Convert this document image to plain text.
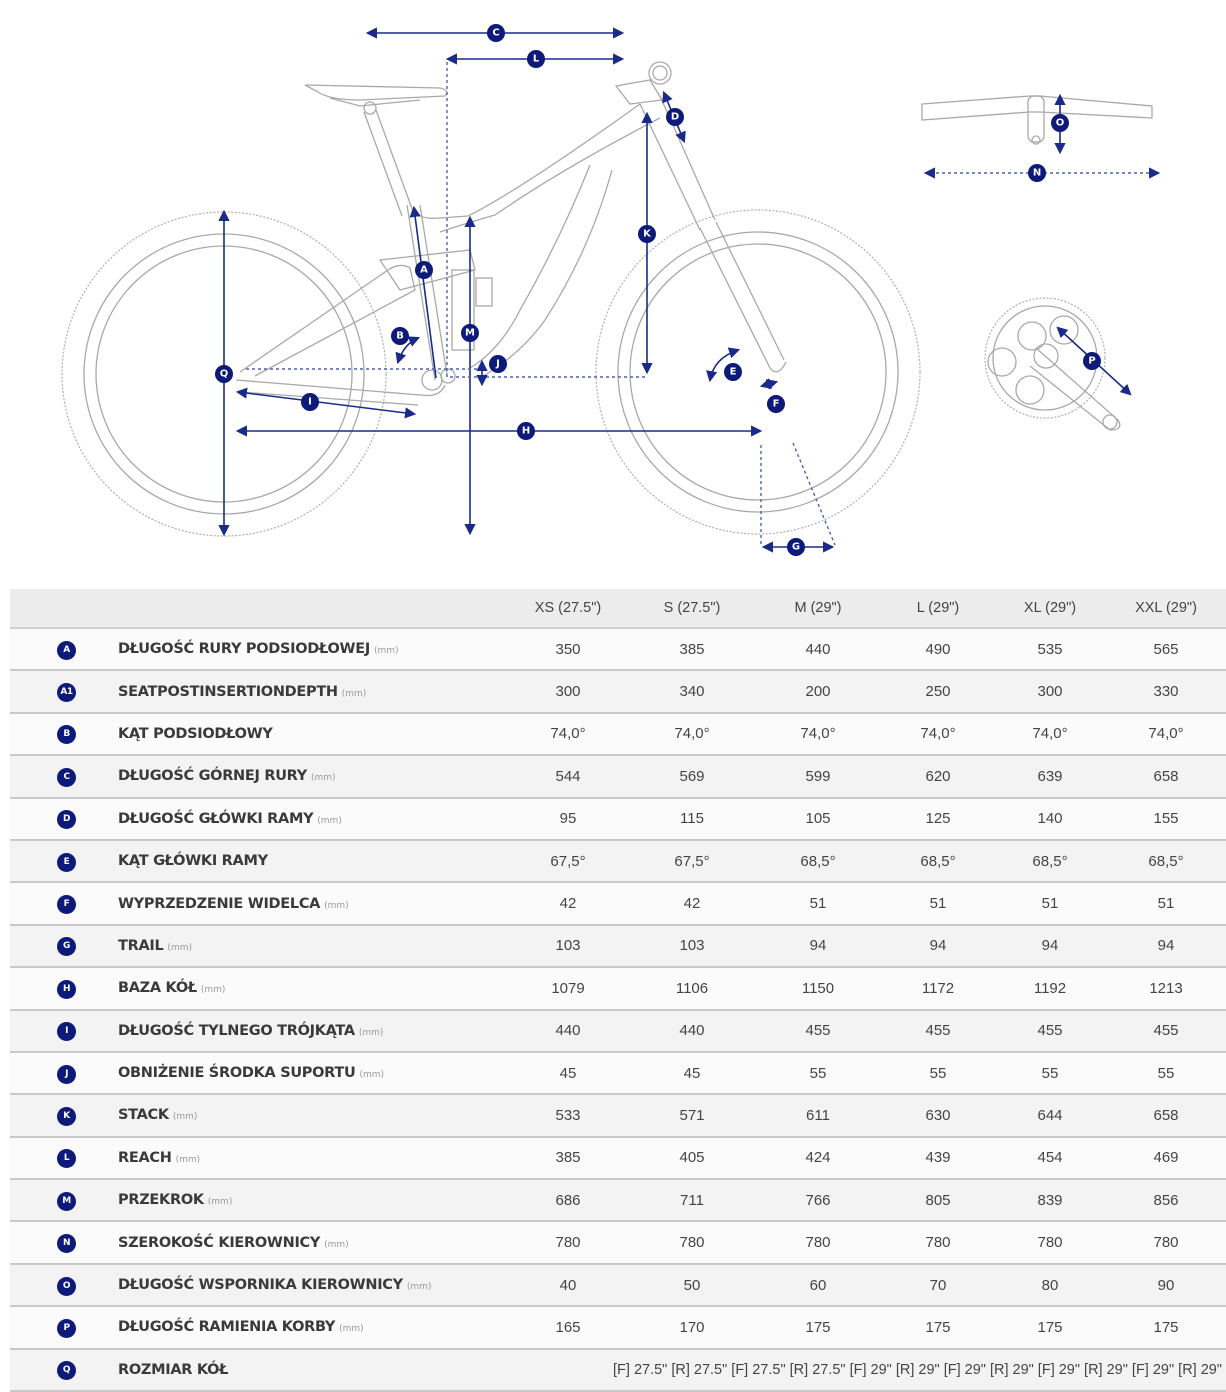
C
L
D
K
A
B	M
J
Q
I
H
E
F
G
O
N
P
		XS (27.5")	S (27.5")	M (29")	L (29")	XL (29")	XXL (29")
A	DŁUGOŚĆ RURY PODSIODŁOWEJ (mm)	350	385	440	490	535	565
A1	SEATPOSTINSERTIONDEPTH (mm)	300	340	200	250	300	330
B	KĄT PODSIODŁOWY	74,0°	74,0°	74,0°	74,0°	74,0°	74,0°
C	DŁUGOŚĆ GÓRNEJ RURY (mm)	544	569	599	620	639	658
D	DŁUGOŚĆ GŁÓWKI RAMY (mm)	95	115	105	125	140	155
E	KĄT GŁÓWKI RAMY	67,5°	67,5°	68,5°	68,5°	68,5°	68,5°
F	WYPRZEDZENIE WIDELCA (mm)	42	42	51	51	51	51
G	TRAIL (mm)	103	103	94	94	94	94
H	BAZA KÓŁ (mm)	1079	1106	1150	1172	1192	1213
I	DŁUGOŚĆ TYLNEGO TRÓJKĄTA (mm)	440	440	455	455	455	455
J	OBNIŻENIE ŚRODKA SUPORTU (mm)	45	45	55	55	55	55
K	STACK (mm)	533	571	611	630	644	658
L	REACH (mm)	385	405	424	439	454	469
M	PRZEKROK (mm)	686	711	766	805	839	856
N	SZEROKOŚĆ KIEROWNICY (mm)	780	780	780	780	780	780
O	DŁUGOŚĆ WSPORNIKA KIEROWNICY (mm)	40	50	60	70	80	90
P	DŁUGOŚĆ RAMIENIA KORBY (mm)	165	170	175	175	175	175
Q	ROZMIAR KÓŁ	[F] 27.5" [R] 27.5" [F] 27.5" [R] 27.5" [F] 29" [R] 29" [F] 29" [R] 29" [F] 29" [R] 29" [F] 29" [R] 29"					
